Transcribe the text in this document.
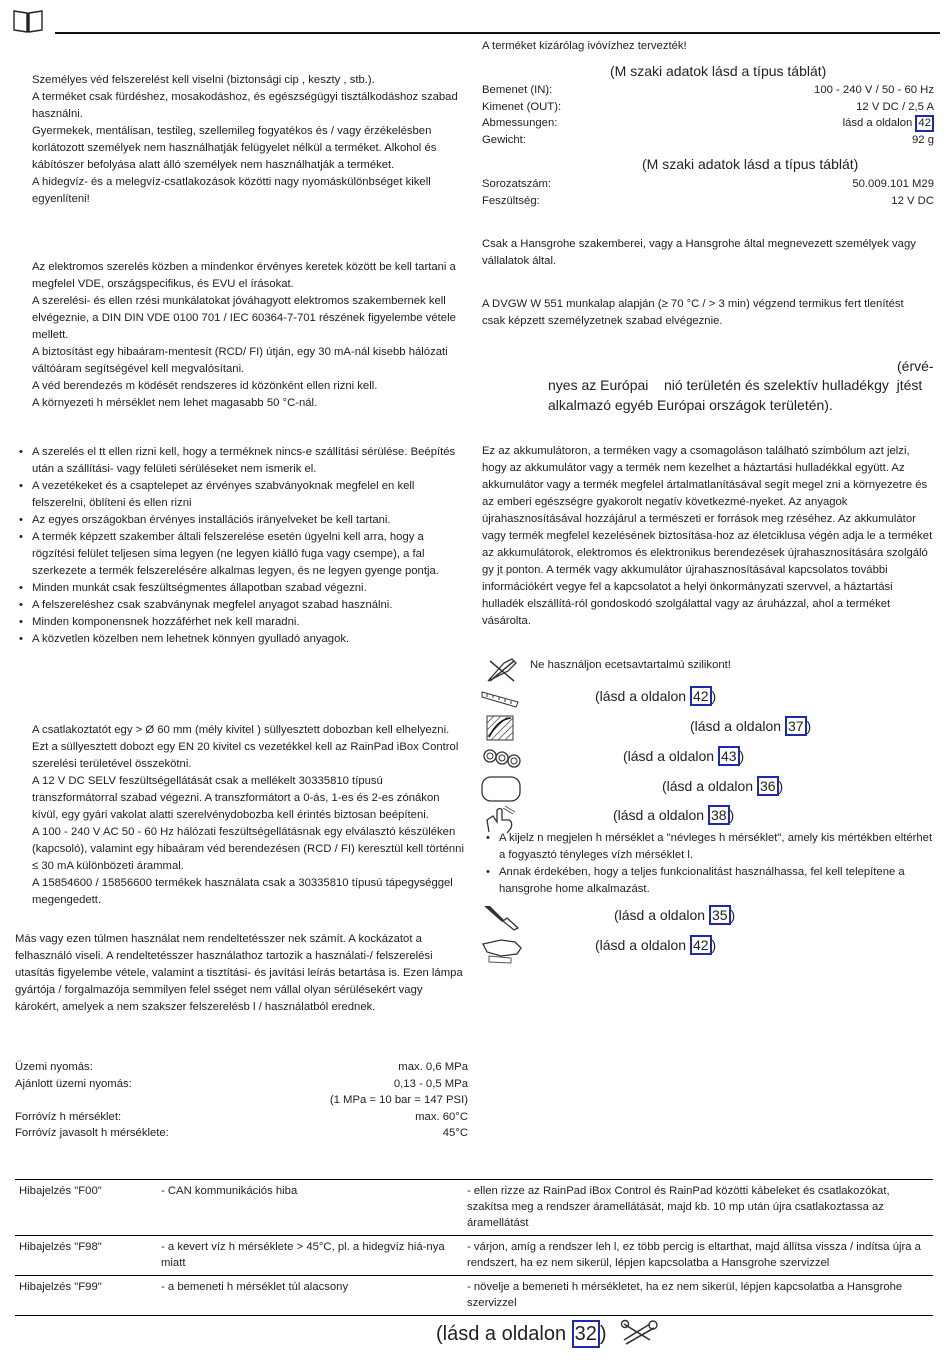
Személyes véd felszerelést kell viselni (biztonsági cip , keszty , stb.).

A terméket csak fürdéshez, mosakodáshoz, és egészségügyi tisztálkodáshoz szabad használni.

Gyermekek, mentálisan, testileg, szellemileg fogyatékos és / vagy érzékelésben korlátozott személyek nem használhatják felügyelet nélkül a terméket. Alkohol és kábítószer befolyása alatt álló személyek nem használhatják a terméket.

A hidegvíz- és a melegvíz-csatlakozások közötti nagy nyomáskülönbséget kikell egyenlíteni!

Az elektromos szerelés közben a mindenkor érvényes keretek között be kell tartani a megfelel VDE, országspecifikus, és EVU el írásokat.

A szerelési- és ellen rzési munkálatokat jóváhagyott elektromos szakembernek kell elvégeznie, a DIN DIN VDE 0100 701 / IEC 60364-7-701 részének figyelembe vétele mellett.

A biztosítást egy hibaáram-mentesít (RCD/ FI) útján, egy 30 mA-nál kisebb hálózati váltóáram segítségével kell megvalósítani.

A véd berendezés m ködését rendszeres id közönként ellen rizni kell.

A környezeti h mérséklet nem lehet magasabb 50 °C-nál.

• A szerelés el tt ellen rizni kell, hogy a terméknek nincs-e szállítási sérülése. Beépítés után a szállítási- vagy felületi sérüléseket nem ismerik el.
• A vezetékeket és a csaptelepet az érvényes szabványoknak megfelel en kell felszerelni, öblíteni és ellen rizni
• Az egyes országokban érvényes installációs irányelveket be kell tartani.
• A termék képzett szakember általi felszerelése esetén ügyelni kell arra, hogy a rögzítési felület teljesen sima legyen (ne legyen kiálló fuga vagy csempe), a fal szerkezete a termék felszerelésére alkalmas legyen, és ne legyen gyenge pontja.
• Minden munkát csak feszültségmentes állapotban szabad végezni.
• A felszereléshez csak szabványnak megfelel anyagot szabad használni.
• Minden komponensnek hozzáférhet nek kell maradni.
• A közvetlen közelben nem lehetnek könnyen gyulladó anyagok.

A csatlakoztatót egy > Ø 60 mm (mély kivitel ) süllyesztett dobozban kell elhelyezni. Ezt a süllyesztett dobozt egy EN 20 kivitel cs vezetékkel kell az RainPad iBox Control szerelési területével összekötni.

A 12 V DC SELV feszültségellátását csak a mellékelt 30335810 típusú transzformátorral szabad végezni. A transzformátort a 0-ás, 1-es és 2-es zónákon kívül, egy gyári vakolat alatti szerelvénydobozba kell érintés biztosan beépíteni.

A 100 - 240 V AC 50 - 60 Hz hálózati feszültségellátásnak egy elválasztó készüléken (kapcsoló), valamint egy hibaáram véd berendezésen (RCD / FI) keresztül kell történni ≤ 30 mA különbözeti árammal.

A 15854600 / 15856600 termékek használata csak a 30335810 típusú tápegységgel megengedett.

Más vagy ezen túlmen használat nem rendeltetésszer nek számít. A kockázatot a felhasználó viseli. A rendeltetésszer használathoz tartozik a használati-/ felszerelési utasítás figyelembe vétele, valamint a tisztítási- és javítási leírás betartása is. Ezen lámpa gyártója / forgalmazója semmilyen felel sséget nem vállal olyan sérülésekért vagy károkért, amelyek a nem szakszer felszerelésb l / használatból erednek.
Üzemi nyomás:	max. 0,6 MPa
Ajánlott üzemi nyomás:	0,13 - 0,5 MPa
(1 MPa = 10 bar = 147 PSI)
Forróvíz h mérséklet:	max. 60°C
Forróvíz javasolt h mérséklete:	45°C
A terméket kizárólag ivóvízhez tervezték!
(M szaki adatok lásd a típus táblát)
Bemenet (IN):	100 - 240 V / 50 - 60 Hz
Kimenet (OUT):	12 V DC / 2,5 A
Abmessungen:	lásd a oldalon 42
Gewicht:	92 g
(M szaki adatok lásd a típus táblát)
Sorozatszám:	50.009.101 M29
Feszültség:	12 V DC
Csak a Hansgrohe szakemberei, vagy a Hansgrohe által megnevezett személyek vagy vállalatok által.
A DVGW W 551 munkalap alapján (≥ 70 °C / > 3 min) végzend termikus fert tlenítést csak képzett személyzetnek szabad elvégeznie.
(érvé-
nyes az Európai    nió területén és szelektív hulladékgy  jtést
alkalmazó egyéb Európai országok területén).
Ez az akkumulátoron, a terméken vagy a csomagoláson található szimbólum azt jelzi, hogy az akkumulátor vagy a termék nem kezelhet a háztartási hulladékkal együtt. Az akkumulátor vagy a termék megfelel ártalmatlanításával segít megel zni a környezetre és az emberi egészségre gyakorolt negatív következmé-nyeket. Az anyagok újrahasznosításával hozzájárul a természeti er források meg rzéséhez. Az akkumulátor vagy termék megfelel kezelésének biztosítása-hoz az életciklusa végén adja le a terméket az akkumulátorok, elektromos és elektronikus berendezések újrahasznosítására szolgáló gy jt ponton. A termék vagy akkumulátor újrahasznosításával kapcsolatos további információkért vegye fel a kapcsolatot a helyi önkormányzati szervvel, a háztartási hulladék elszállítá-ról gondoskodó szolgálattal vagy az áruházzal, ahol a terméket vásárolta.
Ne használjon ecetsavtartalmú szilikont!
(lásd a oldalon 42 )
(lásd a oldalon 37 )
(lásd a oldalon 43 )
(lásd a oldalon 36 )
(lásd a oldalon 38 )
• A kijelz n megjelen h mérséklet a "névleges h mérséklet", amely kis mértékben eltérhet a fogyasztó tényleges vízh mérséklet l.
• Annak érdekében, hogy a teljes funkcionalitást használhassa, fel kell telepítene a hansgrohe home alkalmazást.
(lásd a oldalon 35 )
(lásd a oldalon 42 )
Hibajelzés "F00"	- CAN kommunikációs hiba	- ellen rizze az RainPad iBox Control és RainPad közötti kábeleket és csatlakozókat, szakítsa meg a rendszer áramellátását, majd kb. 10 mp után újra csatlakoztassa az áramellátást
Hibajelzés "F98"	- a kevert víz h mérséklete > 45°C, pl. a hidegvíz hiá-nya miatt	- várjon, amíg a rendszer leh l, ez több percig is eltarthat, majd állítsa vissza / indítsa újra a rendszert, ha ez nem sikerül, lépjen kapcsolatba a Hansgrohe szervizzel
Hibajelzés "F99"	- a bemeneti h mérséklet túl alacsony	- növelje a bemeneti h mérsékletet, ha ez nem sikerül, lépjen kapcsolatba a Hansgrohe szervizzel
(lásd a oldalon 32 )
